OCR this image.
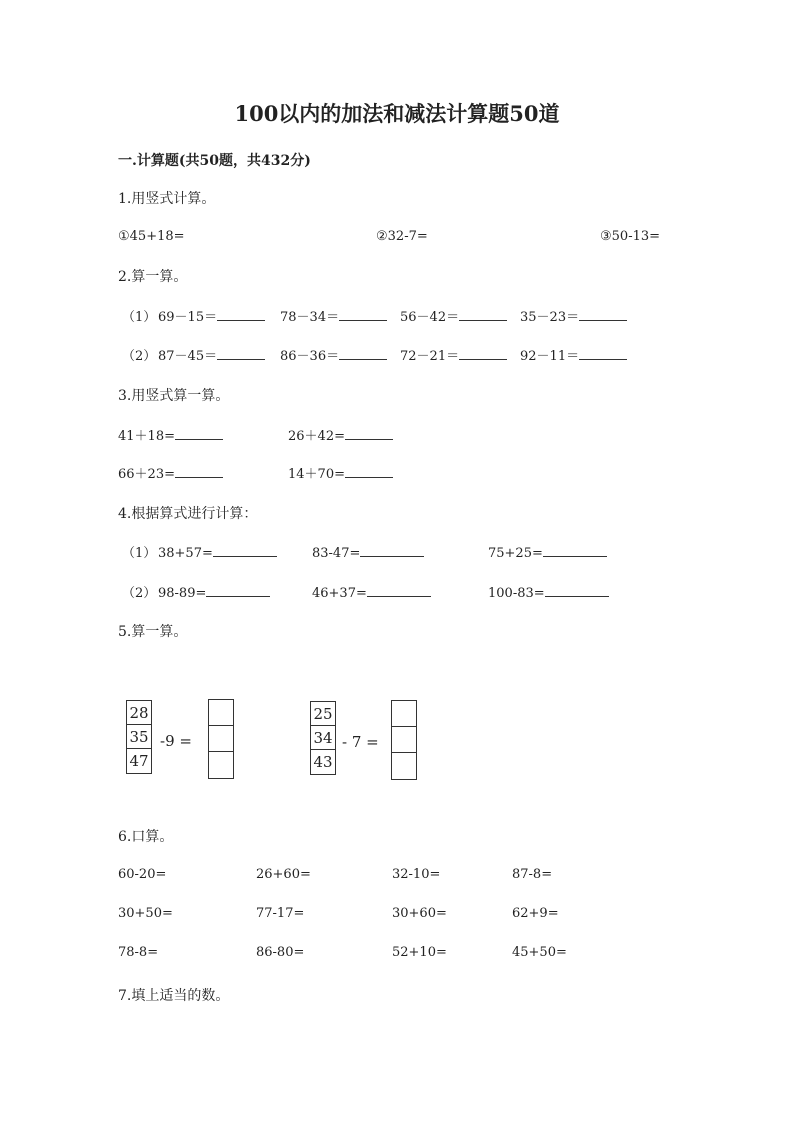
100以内的加法和减法计算题50道
一.计算题(共50题，共432分)
1.用竖式计算。
①45+18=	②32-7=	③50-13=
2.算一算。
（1） 69－15＝	78－34＝	56－42＝	35－23＝
（2） 87－45＝	86－36＝	72－21＝	92－11＝
3.用竖式算一算。
41＋18=	26＋42=
66＋23=	14＋70=
4.根据算式进行计算：
（1） 38+57=	83-47=	75+25=
（2） 98-89=	46+37=	100-83=
5.算一算。
28
35
47
-9 =
25
34
43
- 7 =
6.口算。
60-20=	26+60=	32-10=	87-8=
30+50=	77-17=	30+60=	62+9=
78-8=	86-80=	52+10=	45+50=
7.填上适当的数。
